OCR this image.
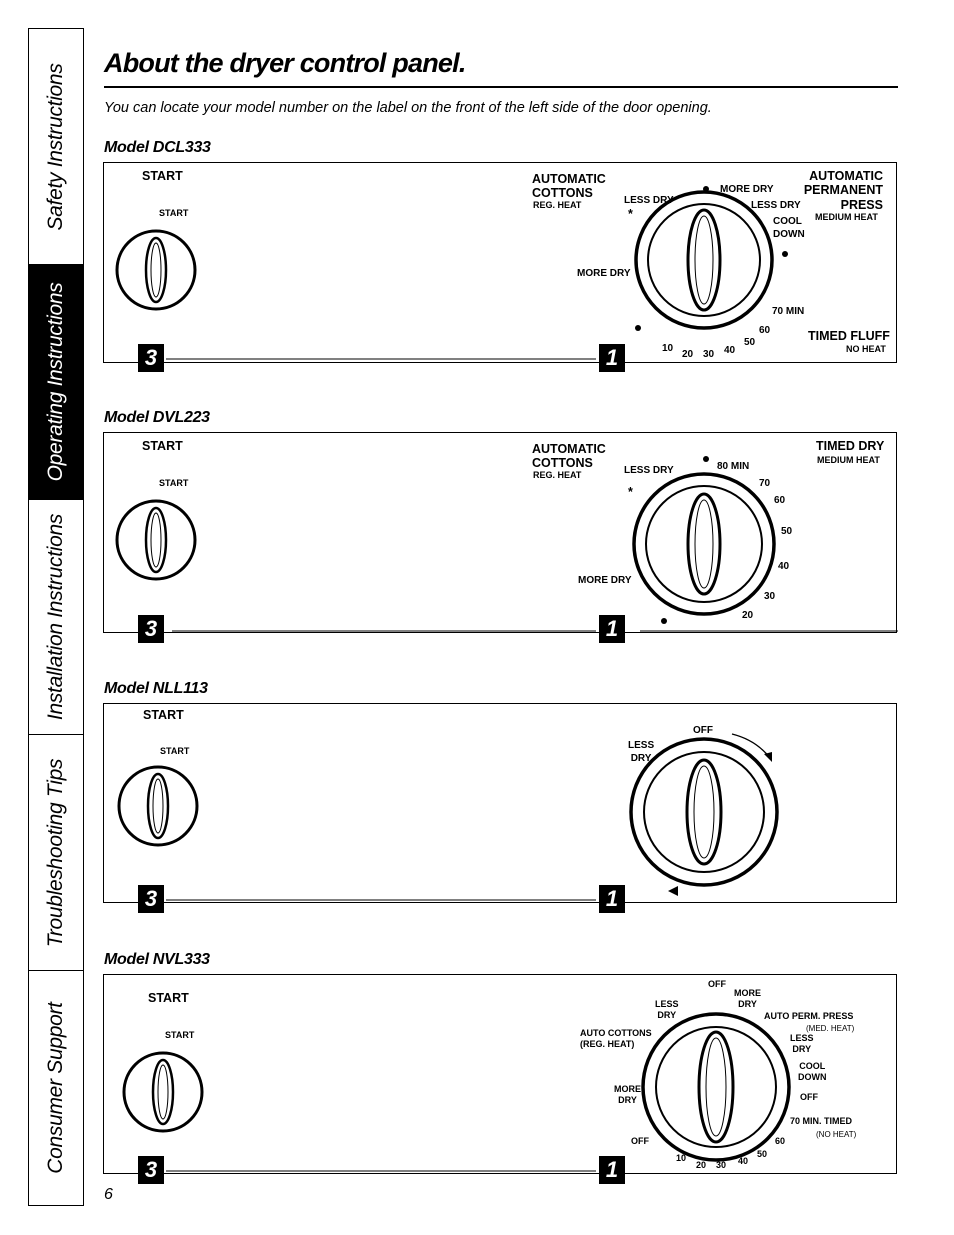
Safety Instructions
Operating Instructions
Installation Instructions
Troubleshooting Tips
Consumer Support
About the dryer control panel.
You can locate your model number on the label on the front of the left side of the door opening.
Model DCL333
START
START
AUTOMATIC
COTTONS
REG. HEAT	LESS DRY
MORE DRY
LESS DRY
AUTOMATIC
PERMANENT
PRESS
MEDIUM HEAT
COOL
DOWN
*
MORE DRY
70 MIN
60
50
40
30
20
10
TIMED FLUFF
NO HEAT
3	1
Model DVL223
START
START
AUTOMATIC
COTTONS
REG. HEAT	LESS DRY
*
80 MIN
70
60
50
40
30
20
MORE DRY
TIMED DRY
MEDIUM HEAT
3	1
Model NLL113
START
START	LESS
DRY
OFF
3	1
Model NVL333
START
START
OFF
MORE
DRY
LESS
DRY	AUTO PERM. PRESS
(MED. HEAT)
AUTO COTTONS
(REG. HEAT)
LESS
DRY
COOL
DOWN
OFF
MORE
DRY
70 MIN. TIMED
(NO HEAT)
OFF	60
50
40
30
20
10
3	1
6
